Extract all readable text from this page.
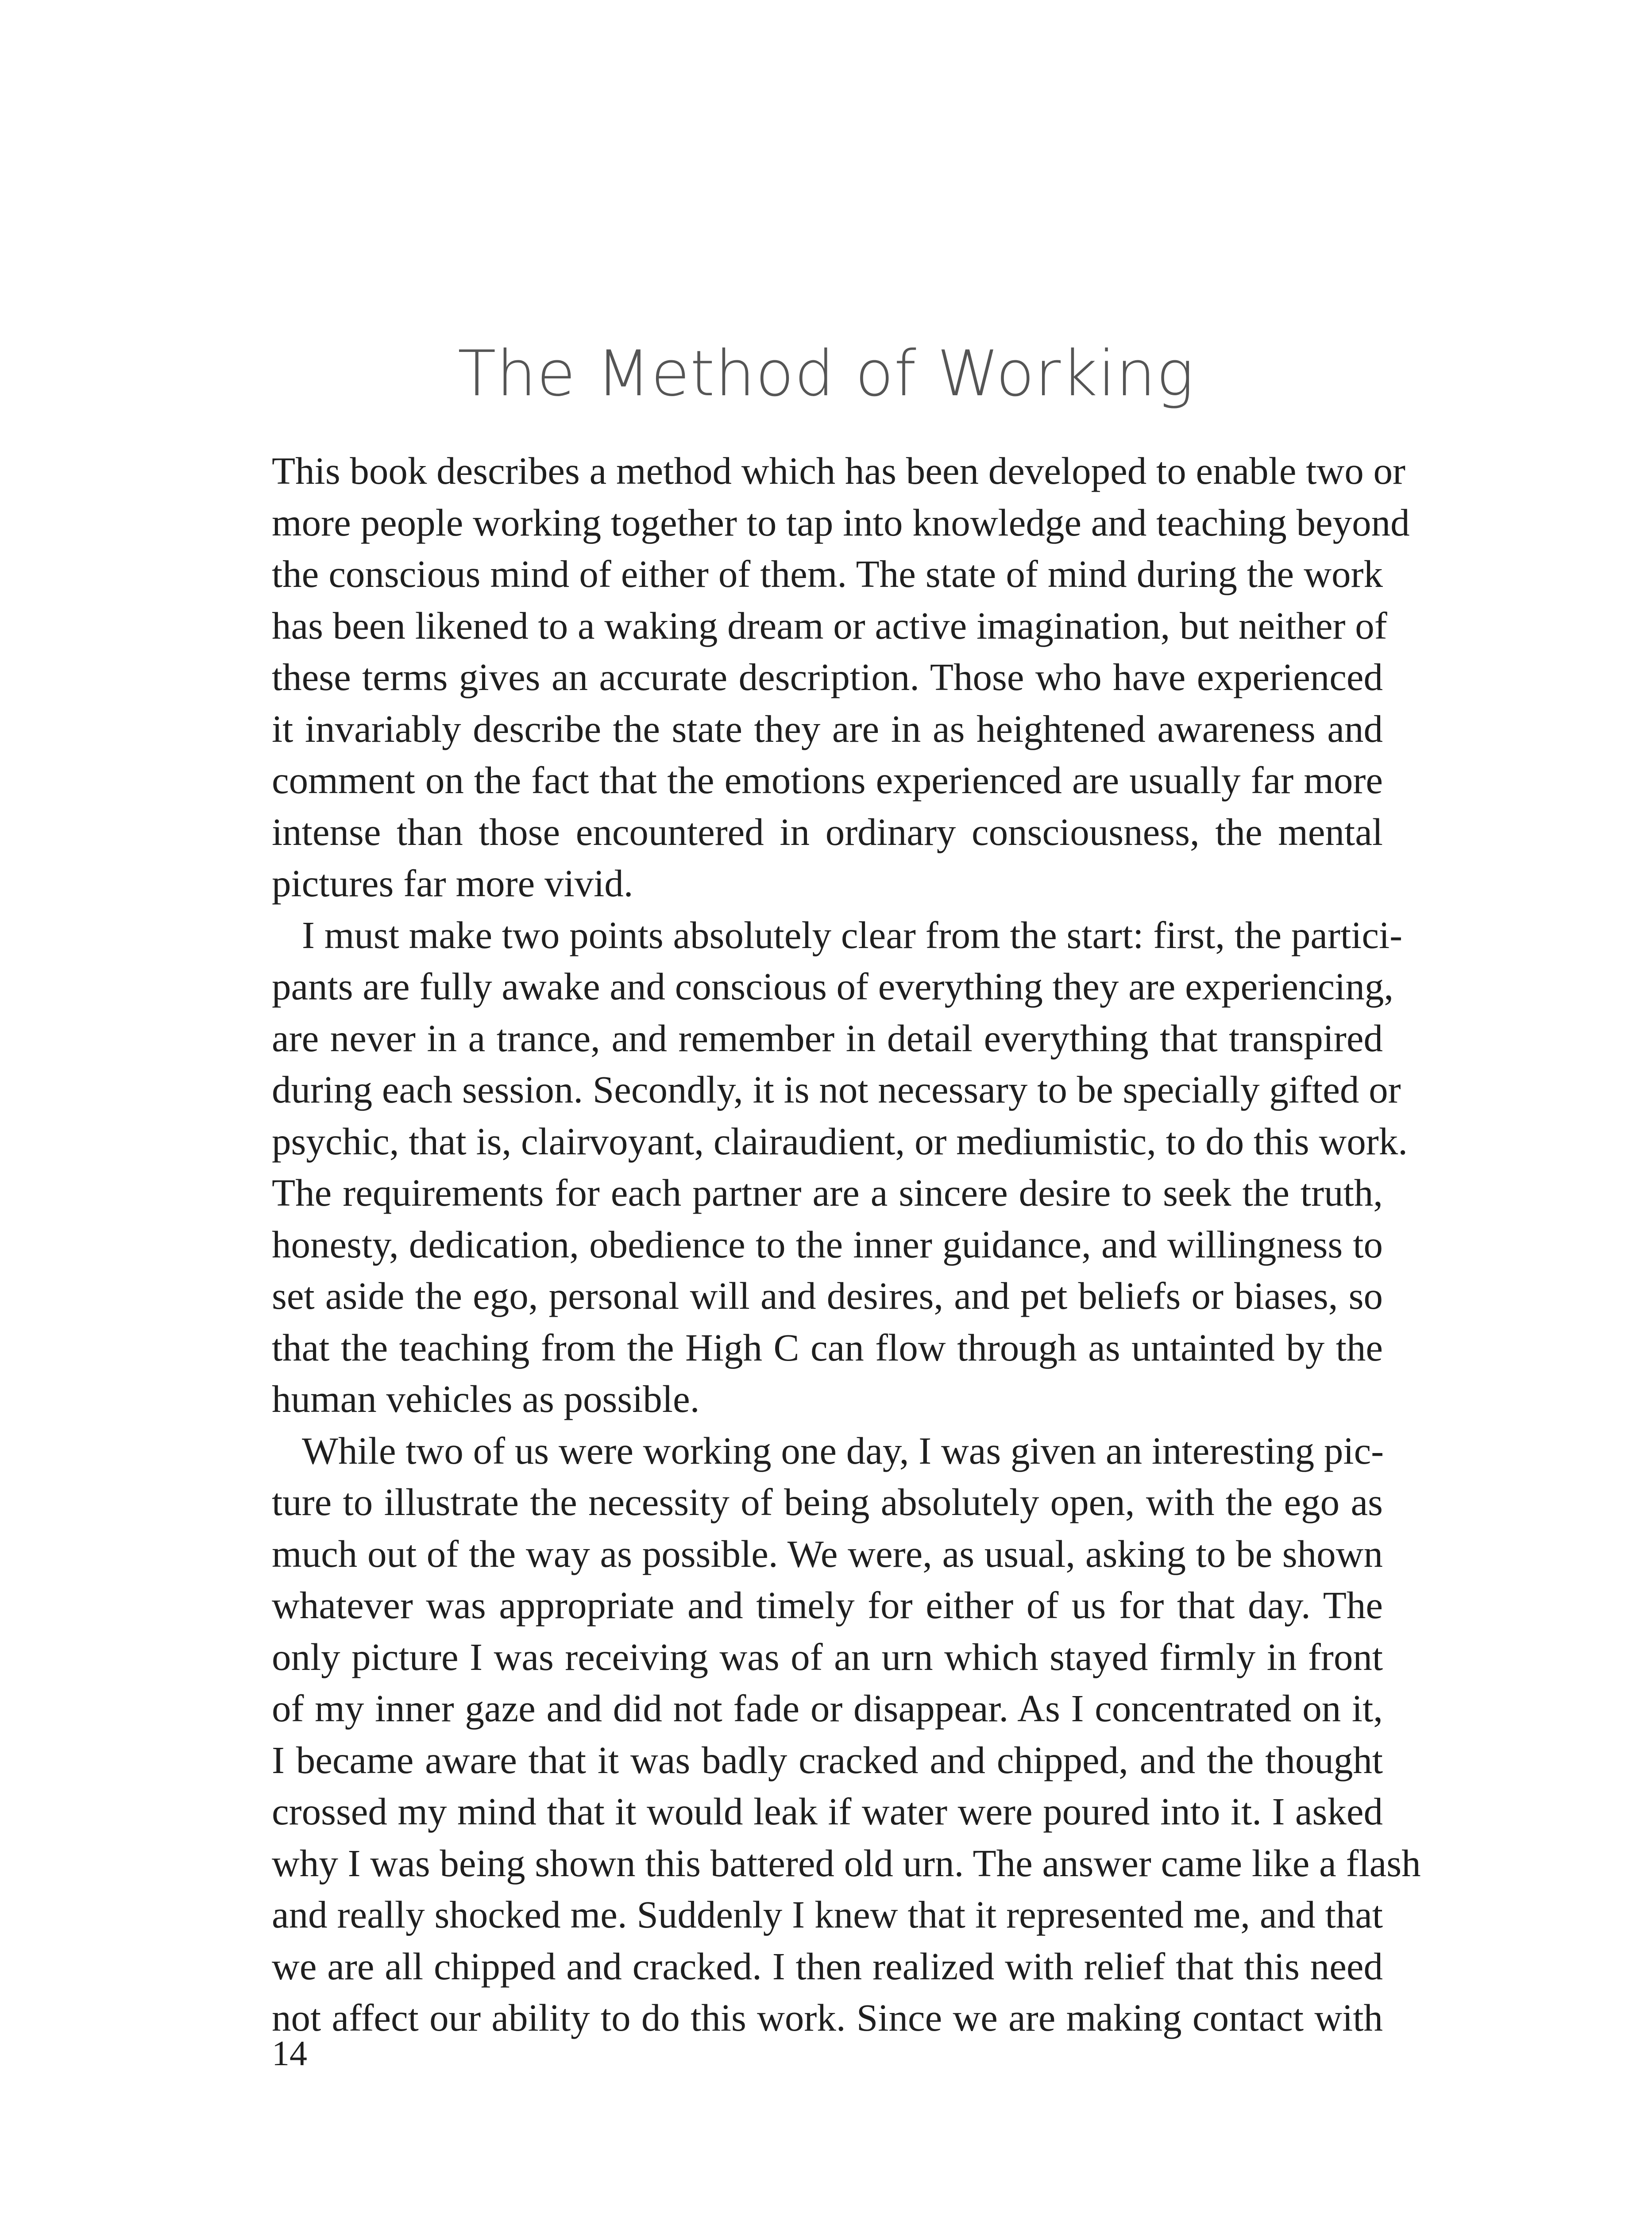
The Method of Working
This book describes a method which has been developed to enable two or
more people working together to tap into knowledge and teaching beyond
the conscious mind of either of them. The state of mind during the work
has been likened to a waking dream or active imagination, but neither of
these terms gives an accurate description. Those who have experienced
it invariably describe the state they are in as heightened awareness and
comment on the fact that the emotions experienced are usually far more
intense than those encountered in ordinary consciousness, the mental
pictures far more vivid.
I must make two points absolutely clear from the start: first, the partici-
pants are fully awake and conscious of everything they are experiencing,
are never in a trance, and remember in detail everything that transpired
during each session. Secondly, it is not necessary to be specially gifted or
psychic, that is, clairvoyant, clairaudient, or mediumistic, to do this work.
The requirements for each partner are a sincere desire to seek the truth,
honesty, dedication, obedience to the inner guidance, and willingness to
set aside the ego, personal will and desires, and pet beliefs or biases, so
that the teaching from the High C can flow through as untainted by the
human vehicles as possible.
While two of us were working one day, I was given an interesting pic-
ture to illustrate the necessity of being absolutely open, with the ego as
much out of the way as possible. We were, as usual, asking to be shown
whatever was appropriate and timely for either of us for that day. The
only picture I was receiving was of an urn which stayed firmly in front
of my inner gaze and did not fade or disappear. As I concentrated on it,
I became aware that it was badly cracked and chipped, and the thought
crossed my mind that it would leak if water were poured into it. I asked
why I was being shown this battered old urn. The answer came like a flash
and really shocked me. Suddenly I knew that it represented me, and that
we are all chipped and cracked. I then realized with relief that this need
not affect our ability to do this work. Since we are making contact with
14
